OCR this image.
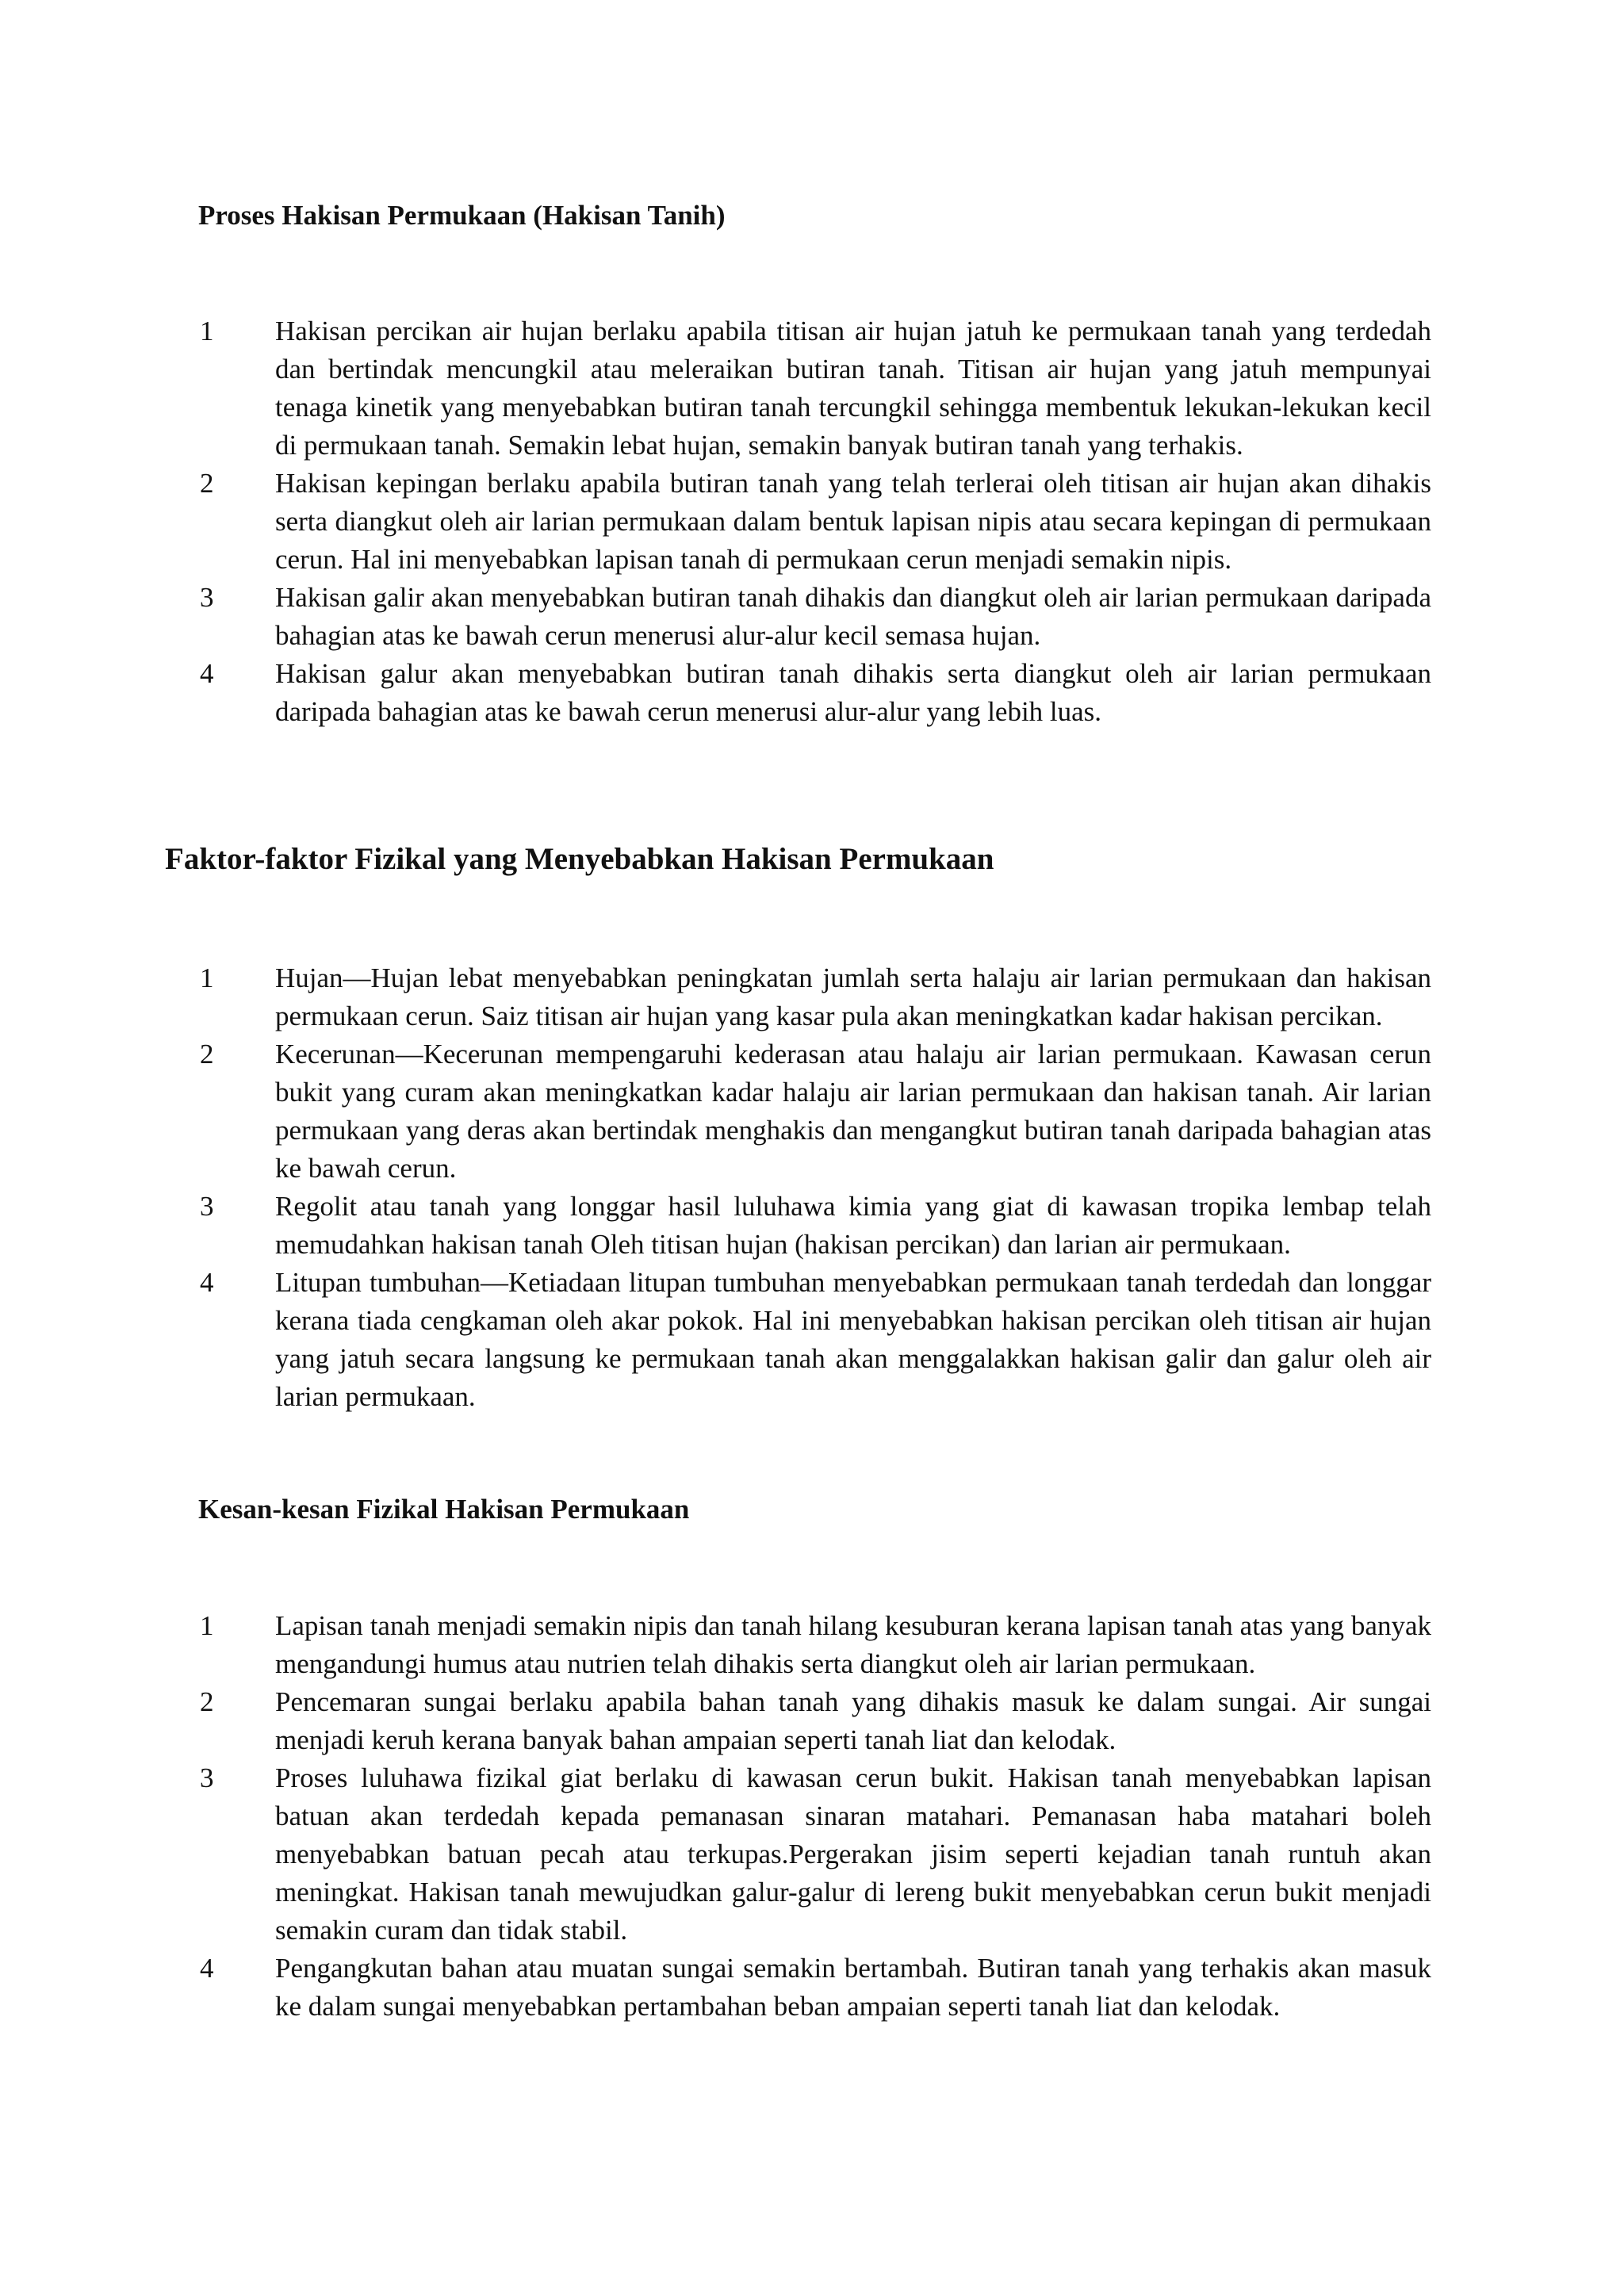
Proses Hakisan Permukaan (Hakisan Tanih)
1	Hakisan percikan air hujan berlaku apabila titisan air hujan jatuh ke permukaan tanah yang terdedah dan bertindak mencungkil atau meleraikan butiran tanah. Titisan air hujan yang jatuh mempunyai tenaga kinetik yang menyebabkan butiran tanah tercungkil sehingga membentuk lekukan-lekukan kecil di permukaan tanah. Semakin lebat hujan, semakin banyak butiran tanah yang terhakis.
2	Hakisan kepingan berlaku apabila butiran tanah yang telah terlerai oleh titisan air hujan akan dihakis serta diangkut oleh air larian permukaan dalam bentuk lapisan nipis atau secara kepingan di permukaan cerun. Hal ini menyebabkan lapisan tanah di permukaan cerun menjadi semakin nipis.
3	Hakisan galir akan menyebabkan butiran tanah dihakis dan diangkut oleh air larian permukaan daripada bahagian atas ke bawah cerun menerusi alur-alur kecil semasa hujan.
4	Hakisan galur akan menyebabkan butiran tanah dihakis serta diangkut oleh air larian permukaan daripada bahagian atas ke bawah cerun menerusi alur-alur yang lebih luas.
Faktor-faktor Fizikal yang Menyebabkan Hakisan Permukaan
1	Hujan—Hujan lebat menyebabkan peningkatan jumlah serta halaju air larian permukaan dan hakisan permukaan cerun. Saiz titisan air hujan yang kasar pula akan meningkatkan kadar hakisan percikan.
2	Kecerunan—Kecerunan mempengaruhi kederasan atau halaju air larian permukaan. Kawasan cerun bukit yang curam akan meningkatkan kadar halaju air larian permukaan dan hakisan tanah. Air larian permukaan yang deras akan bertindak menghakis dan mengangkut butiran tanah daripada bahagian atas ke bawah cerun.
3	Regolit atau tanah yang longgar hasil luluhawa kimia yang giat di kawasan tropika lembap telah memudahkan hakisan tanah Oleh titisan hujan (hakisan percikan) dan larian air permukaan.
4	Litupan tumbuhan—Ketiadaan litupan tumbuhan menyebabkan permukaan tanah terdedah dan longgar kerana tiada cengkaman oleh akar pokok. Hal ini menyebabkan hakisan percikan oleh titisan air hujan yang jatuh secara langsung ke permukaan tanah akan menggalakkan hakisan galir dan galur oleh air larian permukaan.
Kesan-kesan Fizikal Hakisan Permukaan
1	Lapisan tanah menjadi semakin nipis dan tanah hilang kesuburan kerana lapisan tanah atas yang banyak mengandungi humus atau nutrien telah dihakis serta diangkut oleh air larian permukaan.
2	Pencemaran sungai berlaku apabila bahan tanah yang dihakis masuk ke dalam sungai. Air sungai menjadi keruh kerana banyak bahan ampaian seperti tanah liat dan kelodak.
3	Proses luluhawa fizikal giat berlaku di kawasan cerun bukit. Hakisan tanah menyebabkan lapisan batuan akan terdedah kepada pemanasan sinaran matahari. Pemanasan haba matahari boleh menyebabkan batuan pecah atau terkupas.Pergerakan jisim seperti kejadian tanah runtuh akan meningkat. Hakisan tanah mewujudkan galur-galur di lereng bukit menyebabkan cerun bukit menjadi semakin curam dan tidak stabil.
4	Pengangkutan bahan atau muatan sungai semakin bertambah. Butiran tanah yang terhakis akan masuk ke dalam sungai menyebabkan pertambahan beban ampaian seperti tanah liat dan kelodak.
